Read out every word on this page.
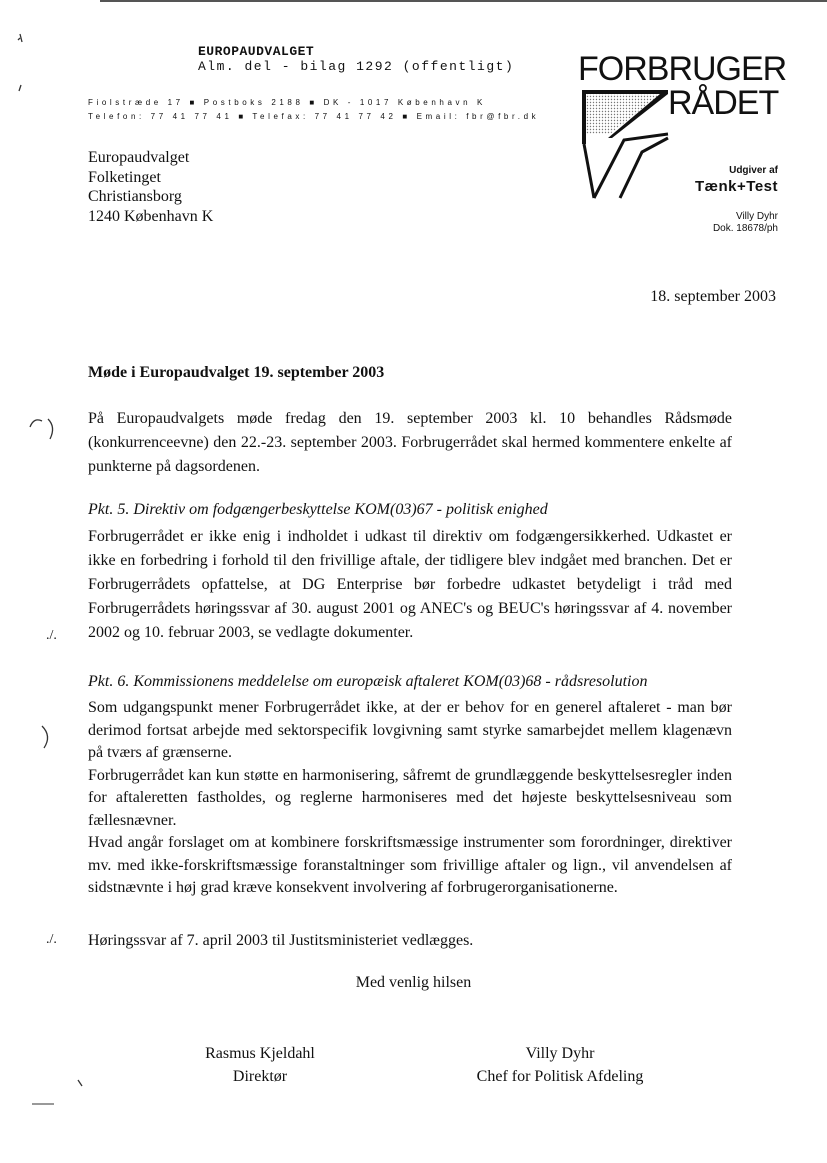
EUROPAUDVALGET
Alm. del - bilag 1292 (offentligt)
Fiolstræde 17 ■ Postboks 2188 ■ DK - 1017 København K
Telefon: 77 41 77 41 ■ Telefax: 77 41 77 42 ■ Email: fbr@fbr.dk
FORBRUGER
RÅDET
Udgiver af
Tænk+Test
Villy Dyhr
Dok. 18678/ph
Europaudvalget
Folketinget
Christiansborg
1240 København K
18. september 2003
Møde i Europaudvalget 19. september 2003
På Europaudvalgets møde fredag den 19. september 2003 kl. 10 behandles Rådsmøde (konkurrenceevne) den 22.-23. september 2003. Forbrugerrådet skal hermed kommentere enkelte af punkterne på dagsordenen.
Pkt. 5. Direktiv om fodgængerbeskyttelse KOM(03)67 - politisk enighed
Forbrugerrådet er ikke enig i indholdet i udkast til direktiv om fodgængersikkerhed. Udkastet er ikke en forbedring i forhold til den frivillige aftale, der tidligere blev indgået med branchen. Det er Forbrugerrådets opfattelse, at DG Enterprise bør forbedre udkastet betydeligt i tråd med Forbrugerrådets høringssvar af 30. august 2001 og ANEC's og BEUC's høringssvar af 4. november 2002 og 10. februar 2003, se vedlagte dokumenter.
./.
Pkt. 6. Kommissionens meddelelse om europæisk aftaleret KOM(03)68 - rådsresolution
Som udgangspunkt mener Forbrugerrådet ikke, at der er behov for en generel aftaleret - man bør derimod fortsat arbejde med sektorspecifik lovgivning samt styrke samarbejdet mellem klagenævn på tværs af grænserne.
Forbrugerrådet kan kun støtte en harmonisering, såfremt de grundlæggende beskyttelsesregler inden for aftaleretten fastholdes, og reglerne harmoniseres med det højeste beskyttelsesniveau som fællesnævner.
Hvad angår forslaget om at kombinere forskriftsmæssige instrumenter som forordninger, direktiver mv. med ikke-forskriftsmæssige foranstaltninger som frivillige aftaler og lign., vil anvendelsen af sidstnævnte i høj grad kræve konsekvent involvering af forbrugerorganisationerne.
./. Høringssvar af 7. april 2003 til Justitsministeriet vedlægges.
Med venlig hilsen
Rasmus Kjeldahl
Direktør
Villy Dyhr
Chef for Politisk Afdeling
